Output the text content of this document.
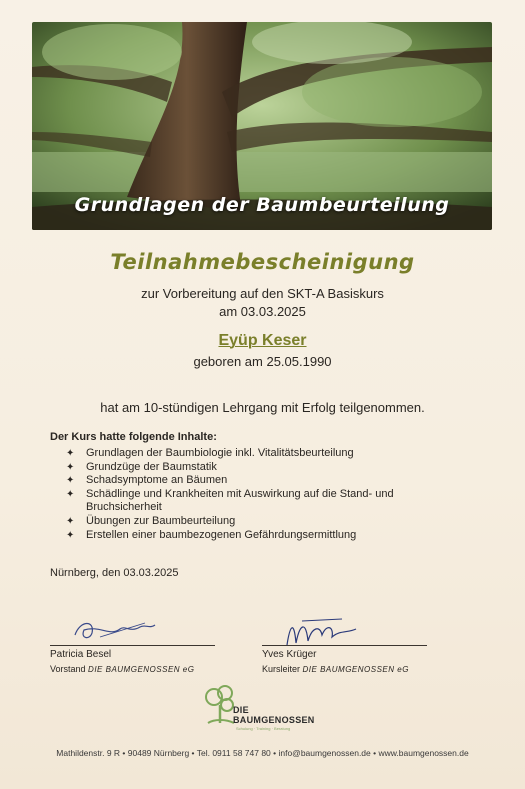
Grundlagen der Baumbeurteilung
Teilnahmebescheinigung
zur Vorbereitung auf den SKT-A Basiskurs
am 03.03.2025
Eyüp Keser
geboren am 25.05.1990
hat am 10-stündigen Lehrgang mit Erfolg teilgenommen.
Der Kurs hatte folgende Inhalte:
✦ Grundlagen der Baumbiologie inkl. Vitalitätsbeurteilung
✦ Grundzüge der Baumstatik
✦ Schadsymptome an Bäumen
✦ Schädlinge und Krankheiten mit Auswirkung auf die Stand- und Bruchsicherheit
✦ Übungen zur Baumbeurteilung
✦ Erstellen einer baumbezogenen Gefährdungsermittlung
Nürnberg, den 03.03.2025
Patricia Besel
Vorstand DIE BAUMGENOSSEN eG
Yves Krüger
Kursleiter DIE BAUMGENOSSEN eG
DIE
BAUMGENOSSEN
Schulung · Training · Beratung
Mathildenstr. 9 R • 90489 Nürnberg • Tel. 0911 58 747 80 • info@baumgenossen.de • www.baumgenossen.de
